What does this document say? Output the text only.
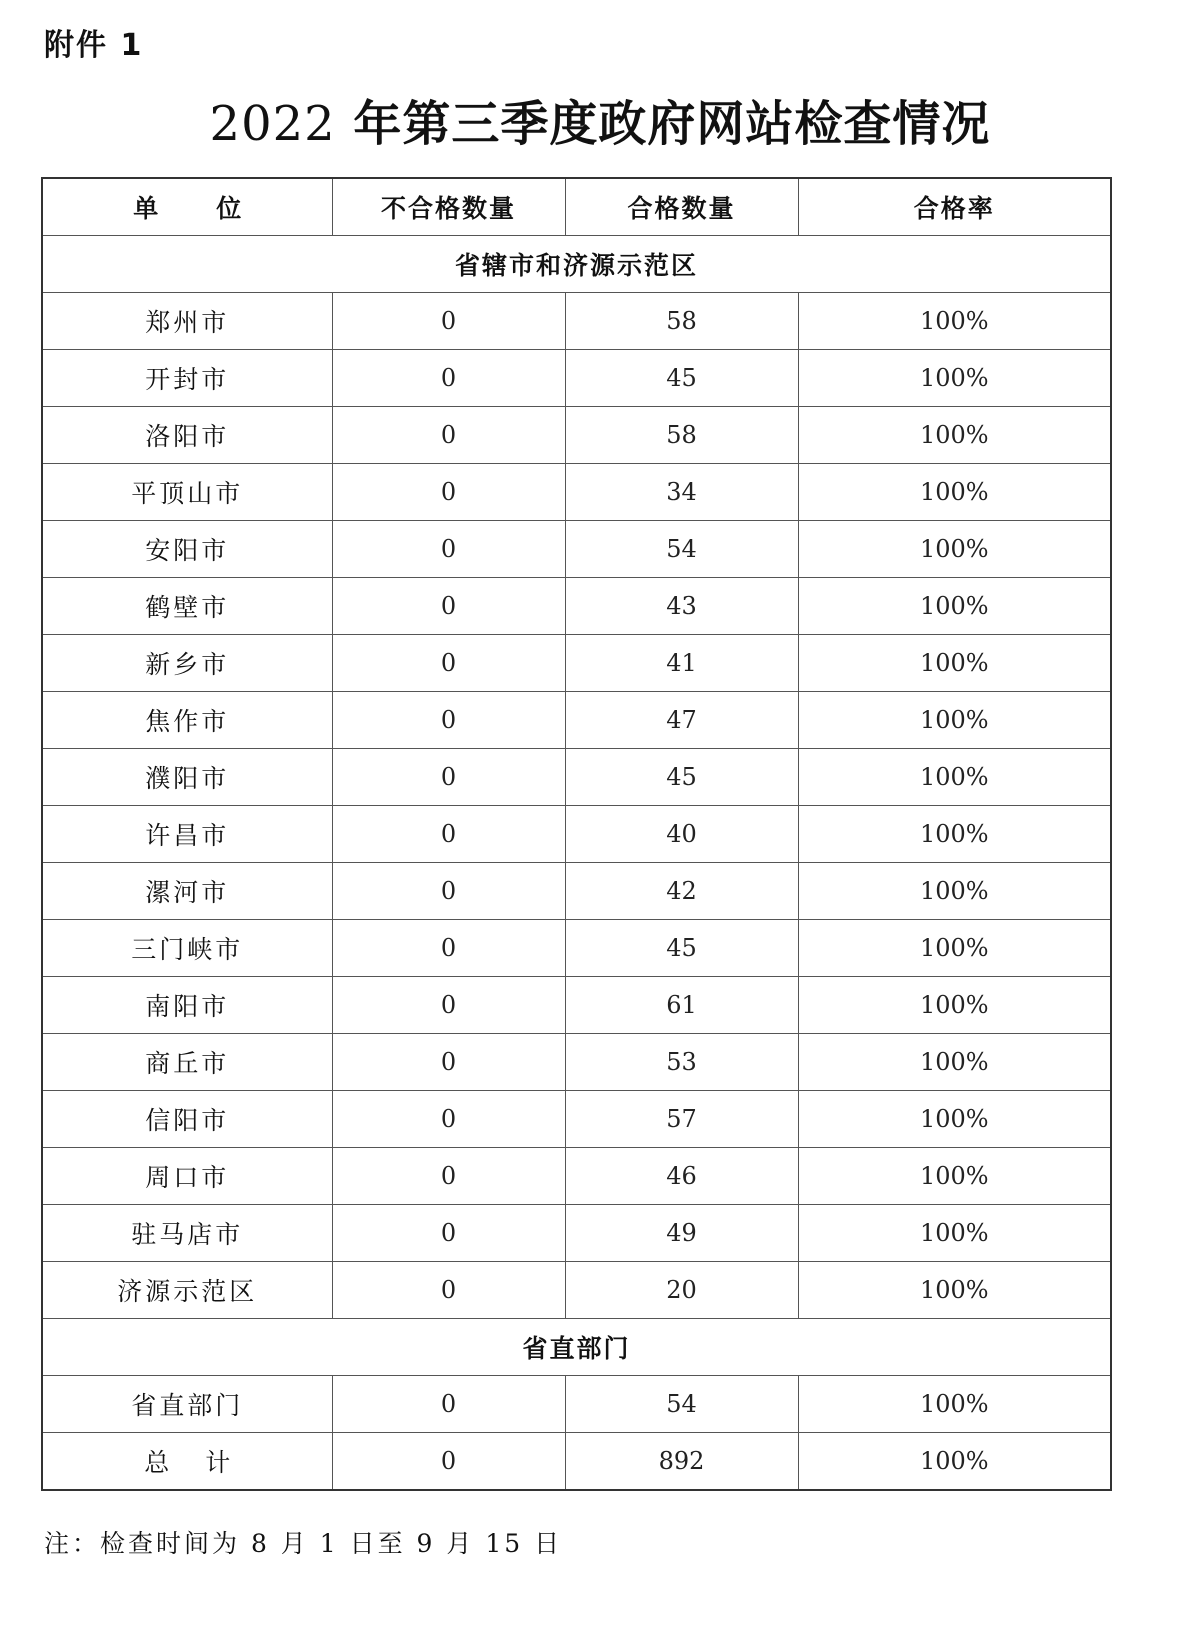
附件 1
2022 年第三季度政府网站检查情况
单位	不合格数量	合格数量	合格率
省辖市和济源示范区			
郑州市	0	58	100%
开封市	0	45	100%
洛阳市	0	58	100%
平顶山市	0	34	100%
安阳市	0	54	100%
鹤壁市	0	43	100%
新乡市	0	41	100%
焦作市	0	47	100%
濮阳市	0	45	100%
许昌市	0	40	100%
漯河市	0	42	100%
三门峡市	0	45	100%
南阳市	0	61	100%
商丘市	0	53	100%
信阳市	0	57	100%
周口市	0	46	100%
驻马店市	0	49	100%
济源示范区	0	20	100%
省直部门			
省直部门	0	54	100%
总计	0	892	100%
注：检查时间为 8 月 1 日至 9 月 15 日
